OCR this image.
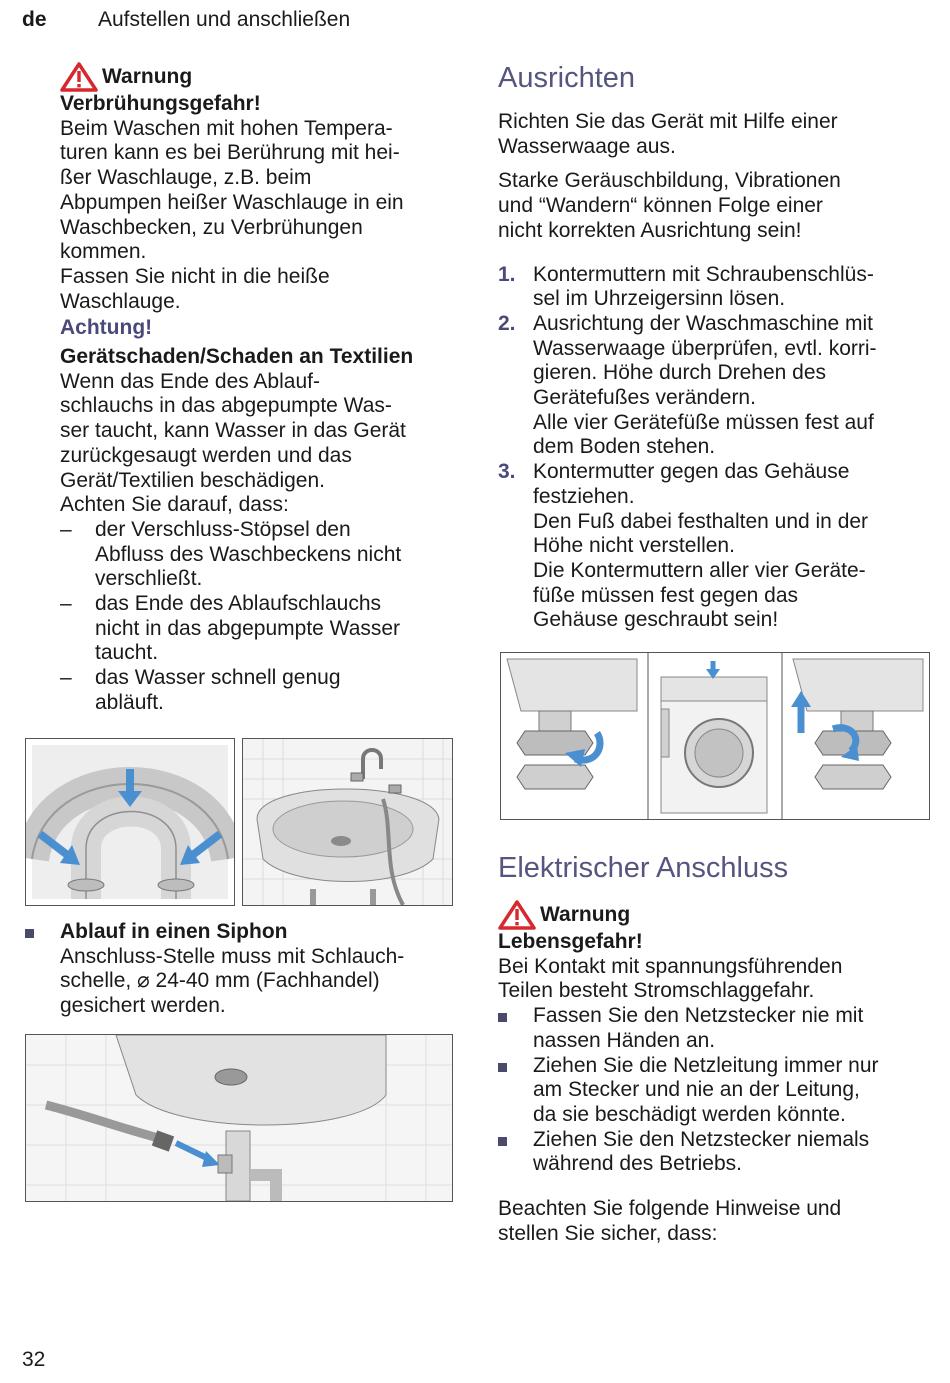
de Aufstellen und anschließen
Warnung

Verbrühungsgefahr!

Beim Waschen mit hohen Tempera-

turen kann es bei Berührung mit hei-

ßer Waschlauge, z.B. beim

Abpumpen heißer Waschlauge in ein

Waschbecken, zu Verbrühungen

kommen.

Fassen Sie nicht in die heiße

Waschlauge.

Achtung!

Gerätschaden/Schaden an Textilien

Wenn das Ende des Ablauf-

schlauchs in das abgepumpte Was-

ser taucht, kann Wasser in das Gerät

zurückgesaugt werden und das

Gerät/Textilien beschädigen.

Achten Sie darauf, dass:

– der Verschluss-Stöpsel den
Abfluss des Waschbeckens nicht
verschließt.
– das Ende des Ablaufschlauchs
nicht in das abgepumpte Wasser
taucht.
– das Wasser schnell genug
abläuft.
Ablauf in einen Siphon
Anschluss-Stelle muss mit Schlauch-
schelle, ⌀ 24-40 mm (Fachhandel)
gesichert werden.
Ausrichten

Richten Sie das Gerät mit Hilfe einer

Wasserwaage aus.

Starke Geräuschbildung, Vibrationen

und “Wandern“ können Folge einer

nicht korrekten Ausrichtung sein!

1. Kontermuttern mit Schraubenschlüs-
sel im Uhrzeigersinn lösen.
2. Ausrichtung der Waschmaschine mit
Wasserwaage überprüfen, evtl. korri-
gieren. Höhe durch Drehen des
Gerätefußes verändern.
Alle vier Gerätefüße müssen fest auf
dem Boden stehen.
3. Kontermutter gegen das Gehäuse
festziehen.
Den Fuß dabei festhalten und in der
Höhe nicht verstellen.
Die Kontermuttern aller vier Geräte-
füße müssen fest gegen das
Gehäuse geschraubt sein!
Elektrischer Anschluss
Warnung

Lebensgefahr!

Bei Kontakt mit spannungsführenden

Teilen besteht Stromschlaggefahr.

Fassen Sie den Netzstecker nie mit
nassen Händen an.
Ziehen Sie die Netzleitung immer nur
am Stecker und nie an der Leitung,
da sie beschädigt werden könnte.
Ziehen Sie den Netzstecker niemals
während des Betriebs.

Beachten Sie folgende Hinweise und

stellen Sie sicher, dass:

32
